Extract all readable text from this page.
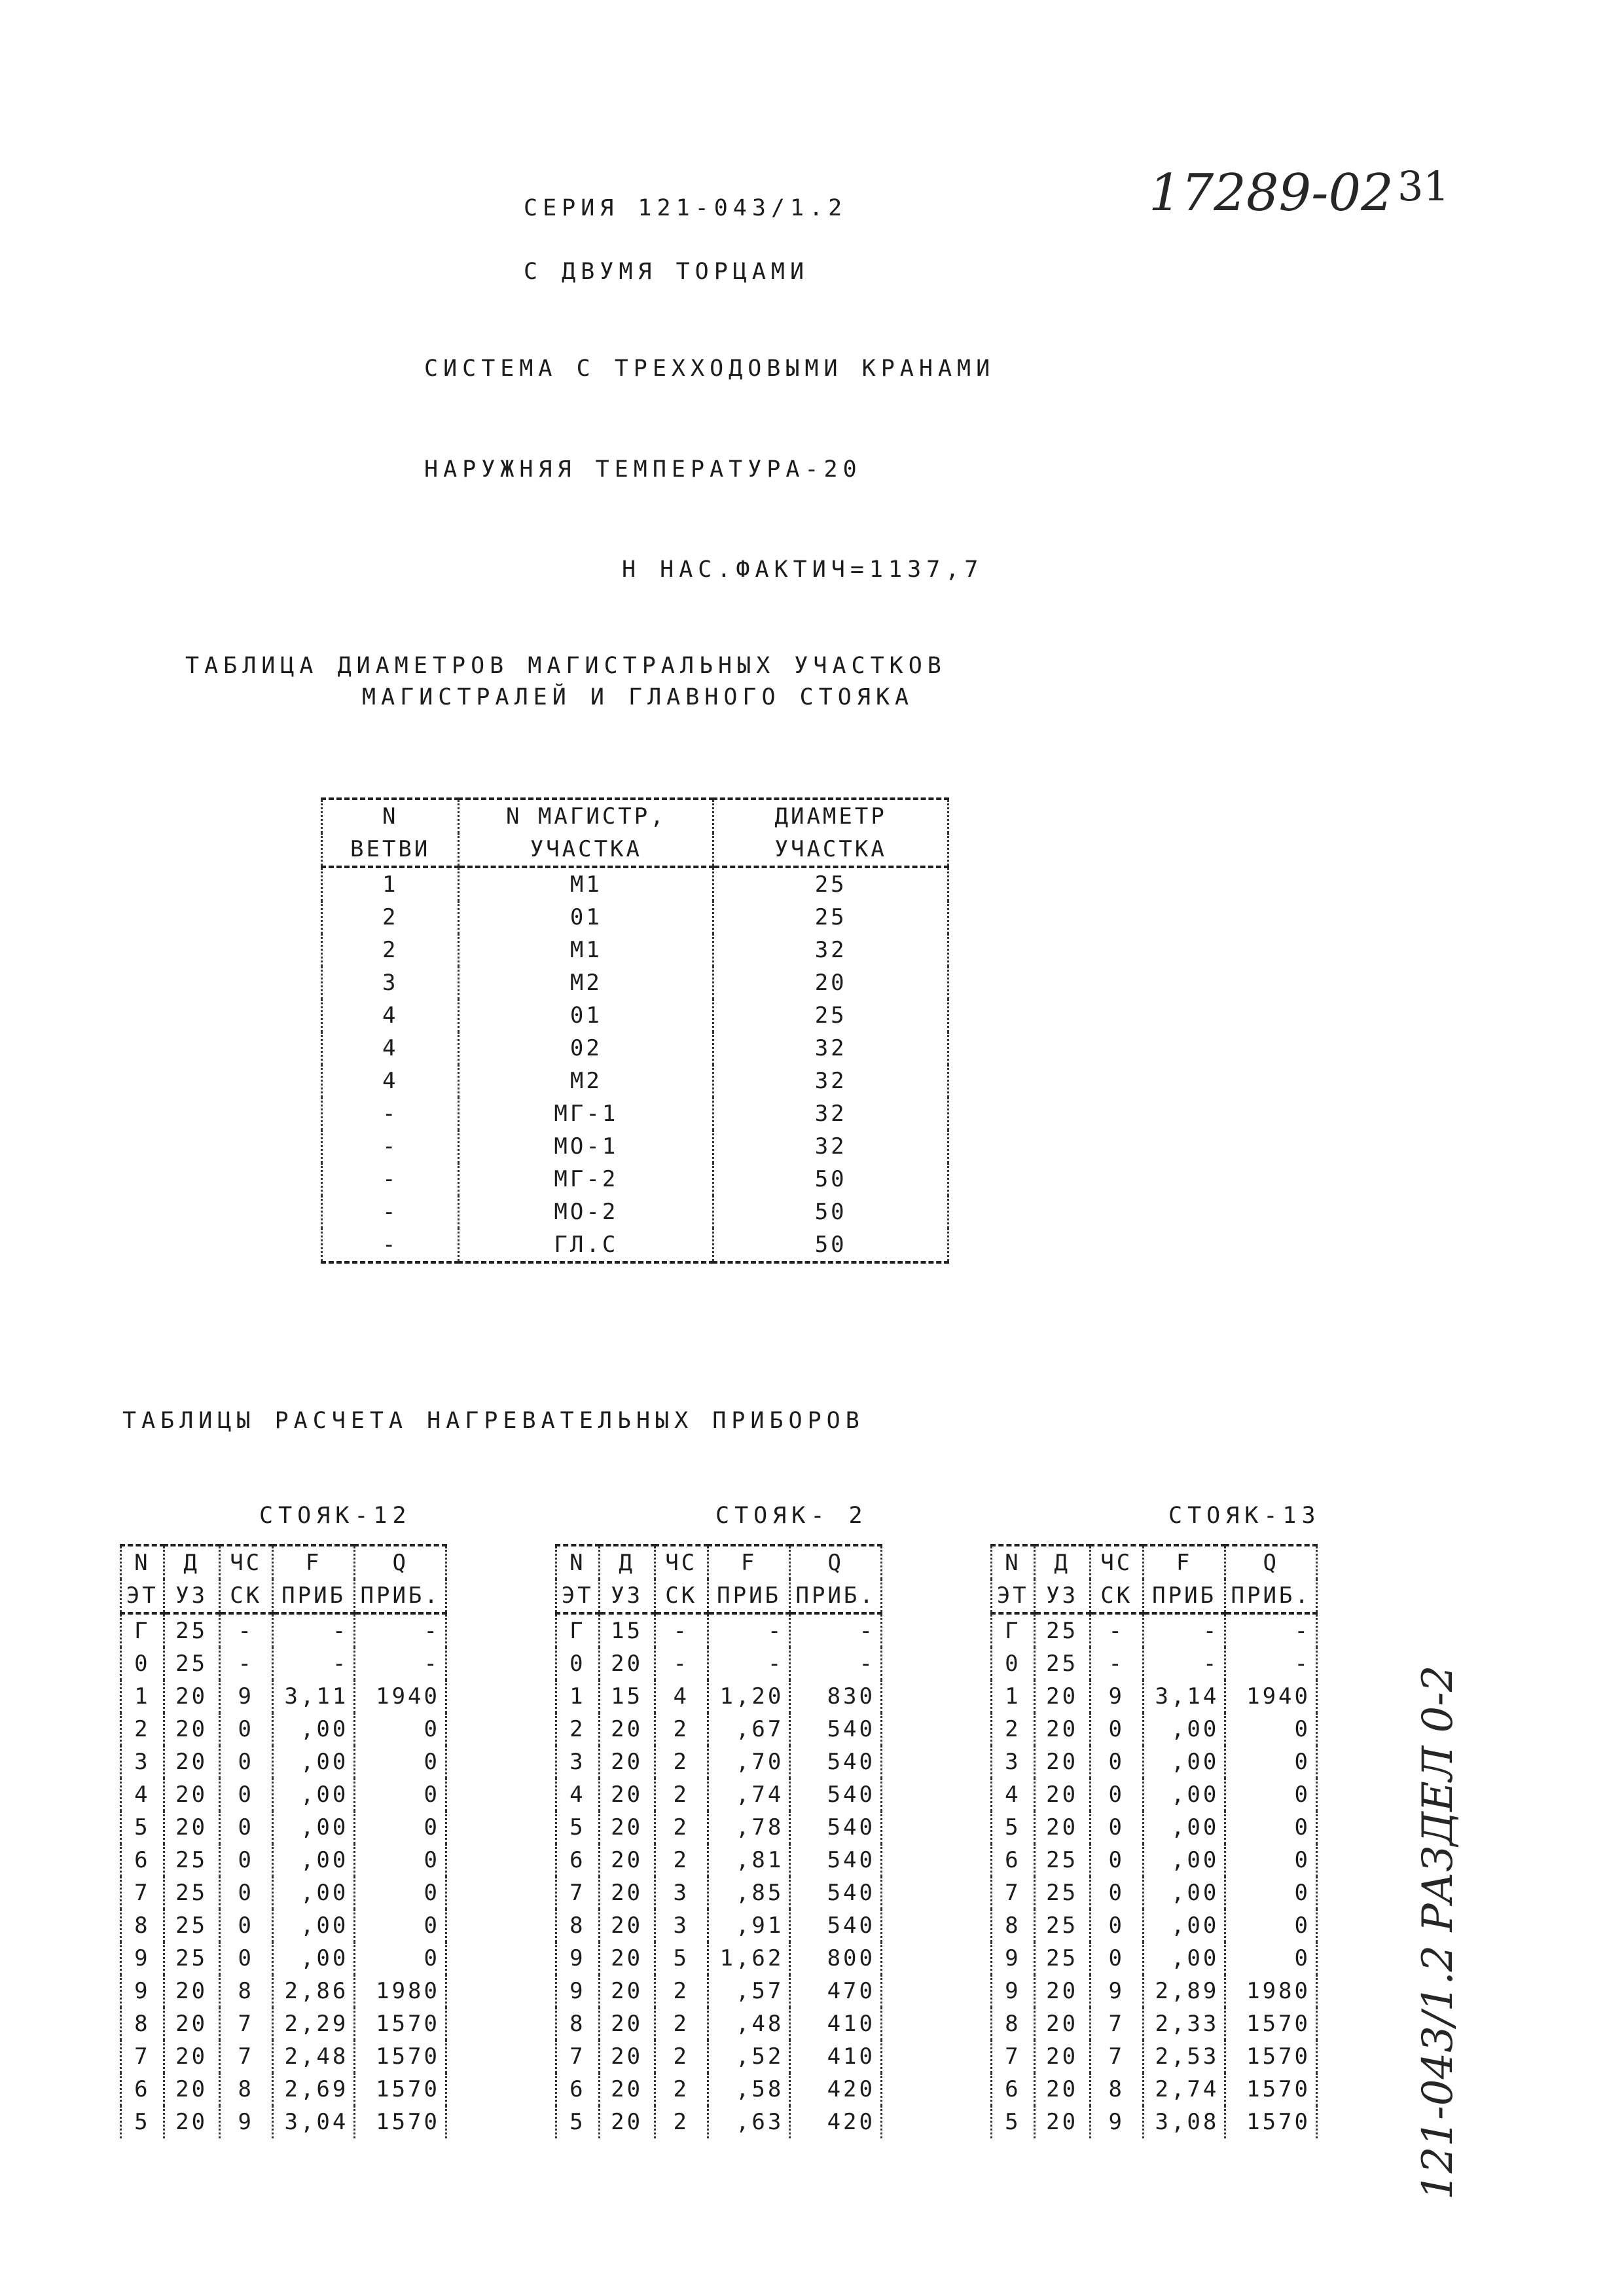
17289-02 31
121-043/1.2 РАЗДЕЛ 0-2
СЕРИЯ 121-043/1.2
С ДВУМЯ ТОРЦАМИ
СИСТЕМА С ТРЕХХОДОВЫМИ КРАНАМИ
НАРУЖНЯЯ ТЕМПЕРАТУРА-20
Н НАС.ФАКТИЧ=1137,7
ТАБЛИЦА ДИАМЕТРОВ МАГИСТРАЛЬНЫХ УЧАСТКОВ
МАГИСТРАЛЕЙ И ГЛАВНОГО СТОЯКА
N	N МАГИСТР,	ДИАМЕТР
ВЕТВИ	УЧАСТКА	УЧАСТКА
1	М1	25
2	01	25
2	М1	32
3	М2	20
4	01	25
4	02	32
4	М2	32
-	МГ-1	32
-	МО-1	32
-	МГ-2	50
-	МО-2	50
-	ГЛ.С	50
ТАБЛИЦЫ РАСЧЕТА НАГРЕВАТЕЛЬНЫХ ПРИБОРОВ
СТОЯК-12
N	Д	ЧС	F	Q
ЭТ	УЗ	СК	ПРИБ	ПРИБ.
Г	25	-	-	-
0	25	-	-	-
1	20	9	3,11	1940
2	20	0	,00	0
3	20	0	,00	0
4	20	0	,00	0
5	20	0	,00	0
6	25	0	,00	0
7	25	0	,00	0
8	25	0	,00	0
9	25	0	,00	0
9	20	8	2,86	1980
8	20	7	2,29	1570
7	20	7	2,48	1570
6	20	8	2,69	1570
5	20	9	3,04	1570
СТОЯК- 2
N	Д	ЧС	F	Q
ЭТ	УЗ	СК	ПРИБ	ПРИБ.
Г	15	-	-	-
0	20	-	-	-
1	15	4	1,20	830
2	20	2	,67	540
3	20	2	,70	540
4	20	2	,74	540
5	20	2	,78	540
6	20	2	,81	540
7	20	3	,85	540
8	20	3	,91	540
9	20	5	1,62	800
9	20	2	,57	470
8	20	2	,48	410
7	20	2	,52	410
6	20	2	,58	420
5	20	2	,63	420
СТОЯК-13
N	Д	ЧС	F	Q
ЭТ	УЗ	СК	ПРИБ	ПРИБ.
Г	25	-	-	-
0	25	-	-	-
1	20	9	3,14	1940
2	20	0	,00	0
3	20	0	,00	0
4	20	0	,00	0
5	20	0	,00	0
6	25	0	,00	0
7	25	0	,00	0
8	25	0	,00	0
9	25	0	,00	0
9	20	9	2,89	1980
8	20	7	2,33	1570
7	20	7	2,53	1570
6	20	8	2,74	1570
5	20	9	3,08	1570
